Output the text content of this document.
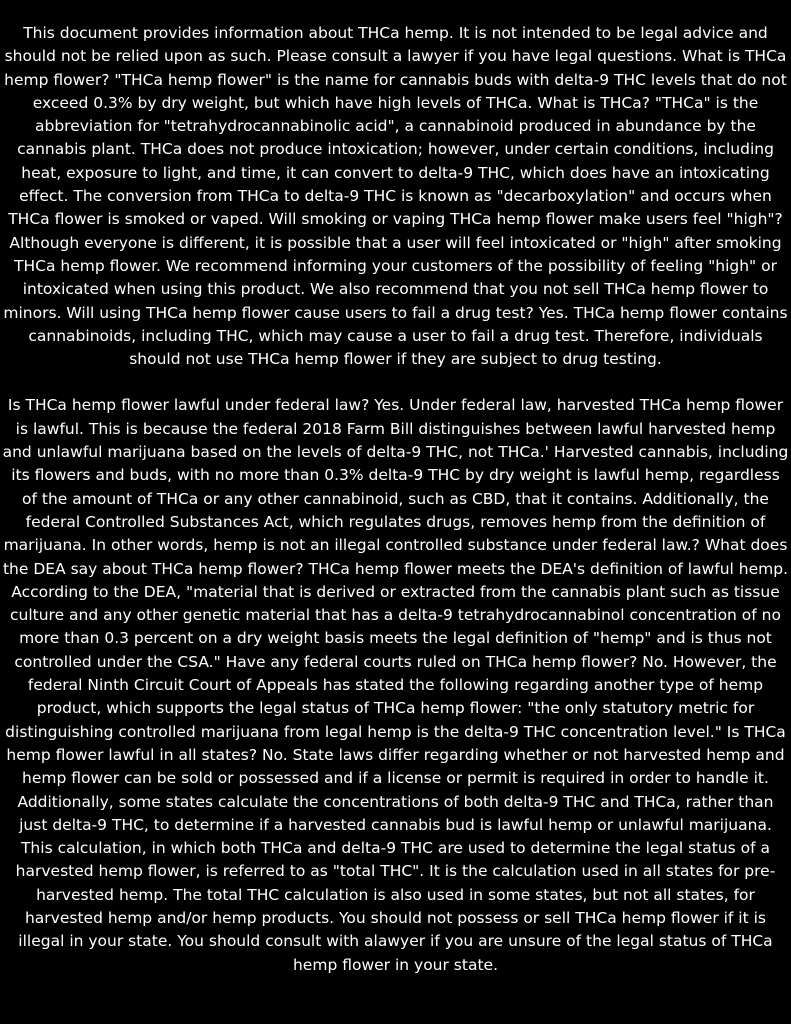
This document provides information about THCa hemp. It is not intended to be legal advice and should not be relied upon as such. Please consult a lawyer if you have legal questions. What is THCa hemp flower? "THCa hemp flower" is the name for cannabis buds with delta-9 THC levels that do not exceed 0.3% by dry weight, but which have high levels of THCa. What is THCa? "THCa" is the abbreviation for "tetrahydrocannabinolic acid", a cannabinoid produced in abundance by the cannabis plant. THCa does not produce intoxication; however, under certain conditions, including heat, exposure to light, and time, it can convert to delta-9 THC, which does have an intoxicating effect. The conversion from THCa to delta-9 THC is known as "decarboxylation" and occurs when THCa flower is smoked or vaped. Will smoking or vaping THCa hemp flower make users feel "high"? Although everyone is different, it is possible that a user will feel intoxicated or "high" after smoking THCa hemp flower. We recommend informing your customers of the possibility of feeling "high" or intoxicated when using this product. We also recommend that you not sell THCa hemp flower to minors. Will using THCa hemp flower cause users to fail a drug test? Yes. THCa hemp flower contains cannabinoids, including THC, which may cause a user to fail a drug test. Therefore, individuals should not use THCa hemp flower if they are subject to drug testing.

Is THCa hemp flower lawful under federal law? Yes. Under federal law, harvested THCa hemp flower is lawful. This is because the federal 2018 Farm Bill distinguishes between lawful harvested hemp and unlawful marijuana based on the levels of delta-9 THC, not THCa.' Harvested cannabis, including its flowers and buds, with no more than 0.3% delta-9 THC by dry weight is lawful hemp, regardless of the amount of THCa or any other cannabinoid, such as CBD, that it contains. Additionally, the federal Controlled Substances Act, which regulates drugs, removes hemp from the definition of marijuana. In other words, hemp is not an illegal controlled substance under federal law.? What does the DEA say about THCa hemp flower? THCa hemp flower meets the DEA's definition of lawful hemp. According to the DEA, "material that is derived or extracted from the cannabis plant such as tissue culture and any other genetic material that has a delta-9 tetrahydrocannabinol concentration of no more than 0.3 percent on a dry weight basis meets the legal definition of "hemp" and is thus not controlled under the CSA." Have any federal courts ruled on THCa hemp flower? No. However, the federal Ninth Circuit Court of Appeals has stated the following regarding another type of hemp product, which supports the legal status of THCa hemp flower: "the only statutory metric for distinguishing controlled marijuana from legal hemp is the delta-9 THC concentration level." Is THCa hemp flower lawful in all states? No. State laws differ regarding whether or not harvested hemp and hemp flower can be sold or possessed and if a license or permit is required in order to handle it. Additionally, some states calculate the concentrations of both delta-9 THC and THCa, rather than just delta-9 THC, to determine if a harvested cannabis bud is lawful hemp or unlawful marijuana. This calculation, in which both THCa and delta-9 THC are used to determine the legal status of a harvested hemp flower, is referred to as "total THC". It is the calculation used in all states for pre-harvested hemp. The total THC calculation is also used in some states, but not all states, for harvested hemp and/or hemp products. You should not possess or sell THCa hemp flower if it is illegal in your state. You should consult with alawyer if you are unsure of the legal status of THCa hemp flower in your state.
